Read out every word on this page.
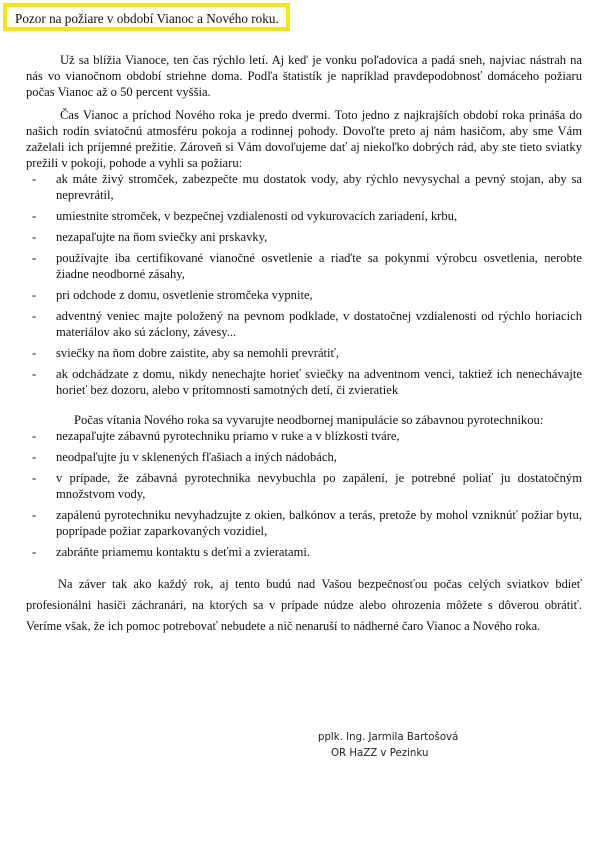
Pozor na požiare v období Vianoc a Nového roku.

Už sa blížia Vianoce, ten čas rýchlo letí. Aj keď je vonku poľadovica a padá sneh, najviac nástrah na nás vo vianočnom období striehne doma. Podľa štatistík je napríklad pravdepodobnosť domáceho požiaru počas Vianoc až o 50 percent vyššia.

Čas Vianoc a príchod Nového roka je predo dvermi. Toto jedno z najkrajších období roka prináša do našich rodín sviatočnú atmosféru pokoja a rodinnej pohody. Dovoľte preto aj nám hasičom, aby sme Vám zaželali ich príjemné prežitie. Zároveň si Vám dovoľujeme dať aj niekoľko dobrých rád, aby ste tieto sviatky prežili v pokoji, pohode a vyhli sa požiaru:

- ak máte živý stromček, zabezpečte mu dostatok vody, aby rýchlo nevysychal a pevný stojan, aby sa neprevrátil,
- umiestnite stromček, v bezpečnej vzdialenosti od vykurovacích zariadení, krbu,
- nezapaľujte na ňom sviečky ani prskavky,
- používajte iba certifikované vianočné osvetlenie a riaďte sa pokynmi výrobcu osvetlenia, nerobte žiadne neodborné zásahy,
- pri odchode z domu, osvetlenie stromčeka vypnite,
- adventný veniec majte položený na pevnom podklade, v dostatočnej vzdialenosti od rýchlo horiacich materiálov ako sú záclony, závesy...
- sviečky na ňom dobre zaistite, aby sa nemohli prevrátiť,
- ak odchádzate z domu, nikdy nenechajte horieť sviečky na adventnom venci, taktiež ich nenechávajte horieť bez dozoru, alebo v prítomnosti samotných detí, či zvieratiek

Počas vítania Nového roka sa vyvarujte neodbornej manipulácie so zábavnou pyrotechnikou:

- nezapaľujte zábavnú pyrotechniku priamo v ruke a v blízkosti tváre,
- neodpaľujte ju v sklenených fľašiach a iných nádobách,
- v prípade, že zábavná pyrotechnika nevybuchla po zapálení, je potrebné poliať ju dostatočným množstvom vody,
- zapálenú pyrotechniku nevyhadzujte z okien, balkónov a terás, pretože by mohol vzniknúť požiar bytu, poprípade požiar zaparkovaných vozidiel,
- zabráňte priamemu kontaktu s deťmi a zvieratami.

Na záver tak ako každý rok, aj tento budú nad Vašou bezpečnosťou počas celých sviatkov bdieť profesionálni hasiči záchranári, na ktorých sa v prípade núdze alebo ohrozenia môžete s dôverou obrátiť. Veríme však, že ich pomoc potrebovať nebudete a nič nenaruší to nádherné čaro Vianoc a Nového roka.

pplk. Ing. Jarmila Bartošová
OR HaZZ v Pezinku
